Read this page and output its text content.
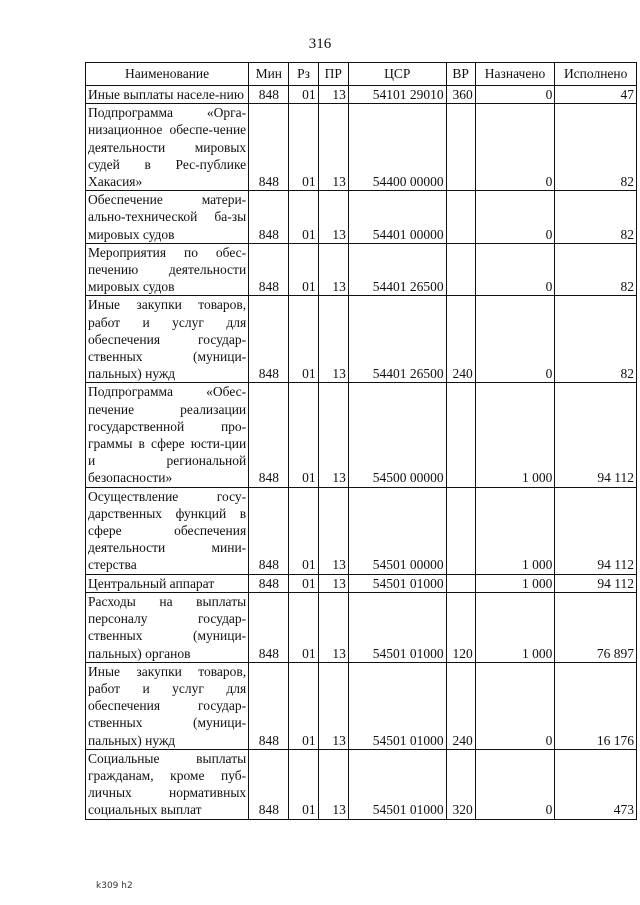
316
Наименование	Мин	Рз	ПР	ЦСР	ВР	Назначено	Исполнено
Иные выплаты населе-нию	848	01	13	54101 29010	360	0	47
Подпрограмма «Орга-низационное обеспе-чение деятельности мировых судей в Рес-публике Хакасия»	848	01	13	54400 00000		0	82
Обеспечение матери-ально-технической ба-зы мировых судов	848	01	13	54401 00000		0	82
Мероприятия по обес-печению деятельности мировых судов	848	01	13	54401 26500		0	82
Иные закупки товаров, работ и услуг для обеспечения государ-ственных (муници-пальных) нужд	848	01	13	54401 26500	240	0	82
Подпрограмма «Обес-печение реализации государственной про-граммы в сфере юсти-ции и региональной безопасности»	848	01	13	54500 00000		1 000	94 112
Осуществление госу-дарственных функций в сфере обеспечения деятельности мини-стерства	848	01	13	54501 00000		1 000	94 112
Центральный аппарат	848	01	13	54501 01000		1 000	94 112
Расходы на выплаты персоналу государ-ственных (муници-пальных) органов	848	01	13	54501 01000	120	1 000	76 897
Иные закупки товаров, работ и услуг для обеспечения государ-ственных (муници-пальных) нужд	848	01	13	54501 01000	240	0	16 176
Социальные выплаты гражданам, кроме пуб-личных нормативных социальных выплат	848	01	13	54501 01000	320	0	473
k309 h2
